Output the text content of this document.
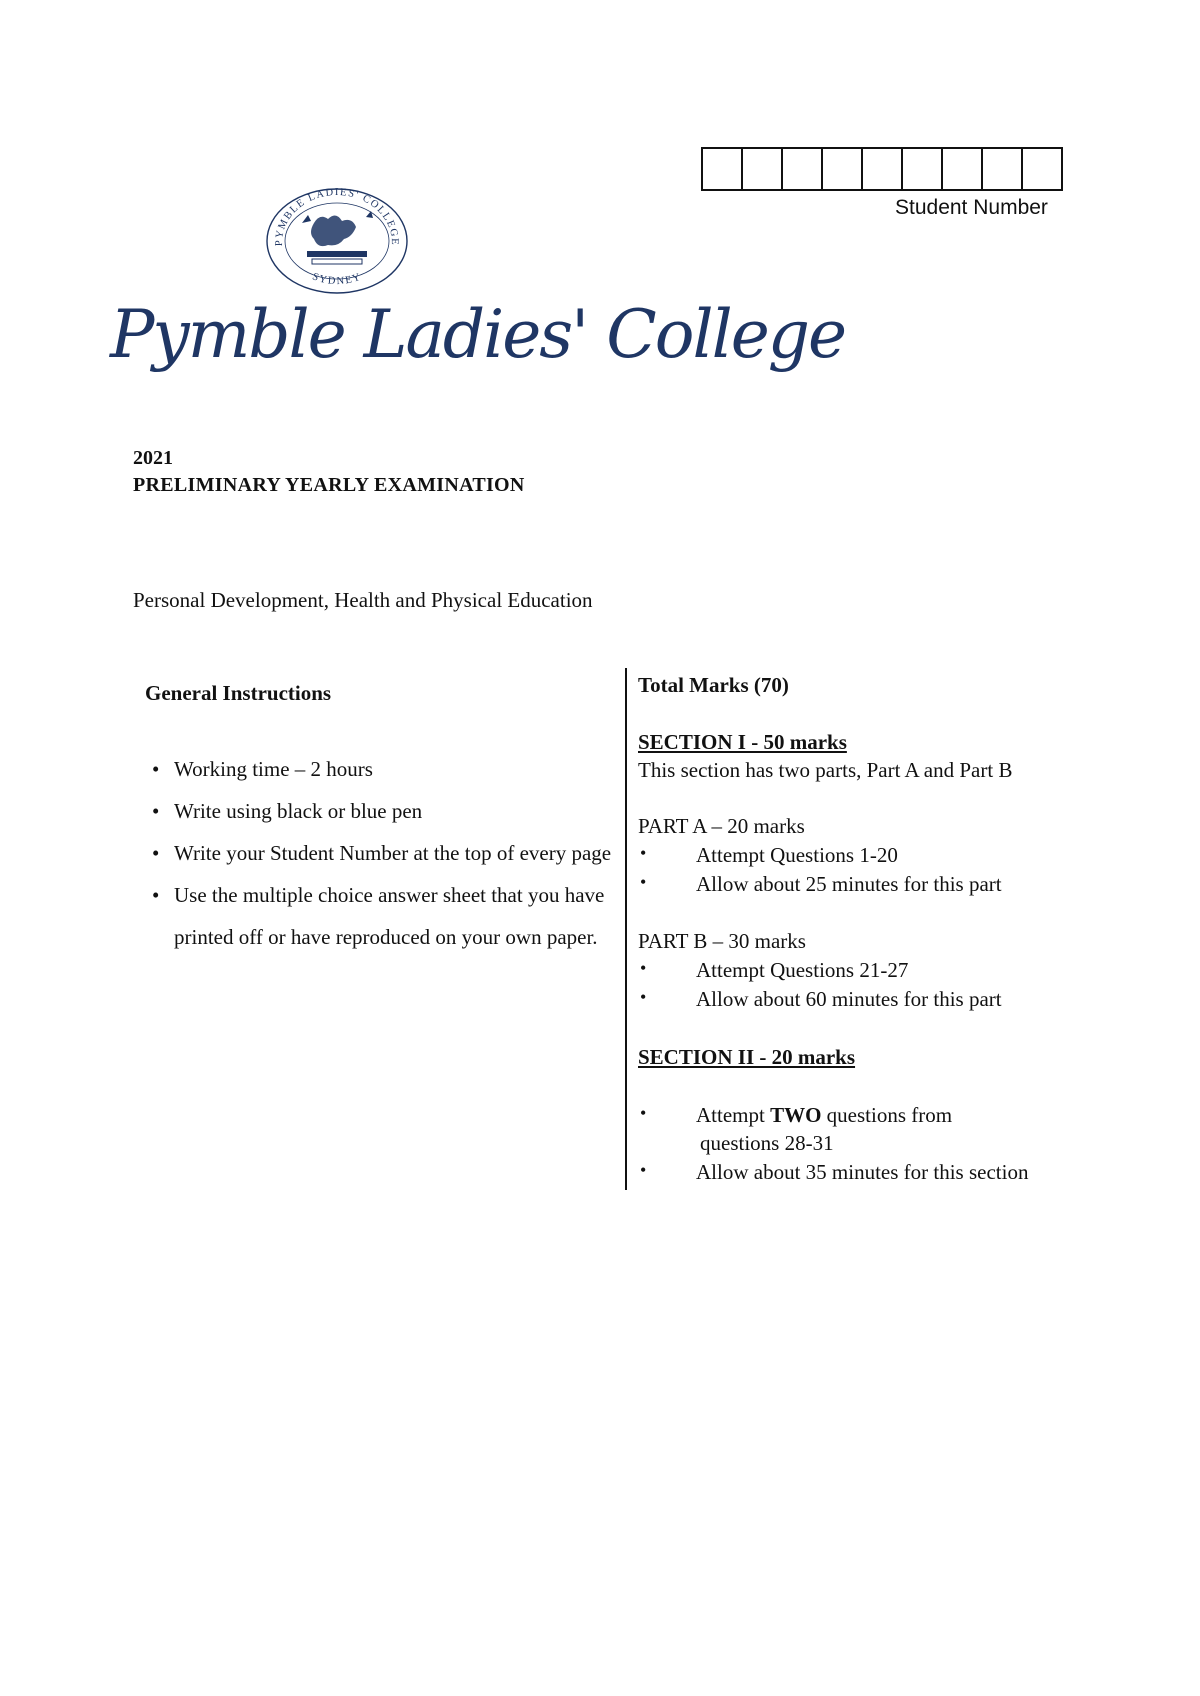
Student Number
PYMBLE LADIES' COLLEGE
SYDNEY
Pymble Ladies' College
2021
PRELIMINARY YEARLY EXAMINATION
Personal Development, Health and Physical Education
General Instructions
• Working time – 2 hours
• Write using black or blue pen
• Write your Student Number at the top of every page
• Use the multiple choice answer sheet that you have printed off or have reproduced on your own paper.
Total Marks (70)
SECTION I - 50 marks
This section has two parts, Part A and Part B
PART A – 20 marks
• Attempt Questions 1-20
• Allow about 25 minutes for this part
PART B – 30 marks
• Attempt Questions 21-27
• Allow about 60 minutes for this part
SECTION II - 20 marks
• Attempt TWO questions from
questions 28-31
• Allow about 35 minutes for this section
